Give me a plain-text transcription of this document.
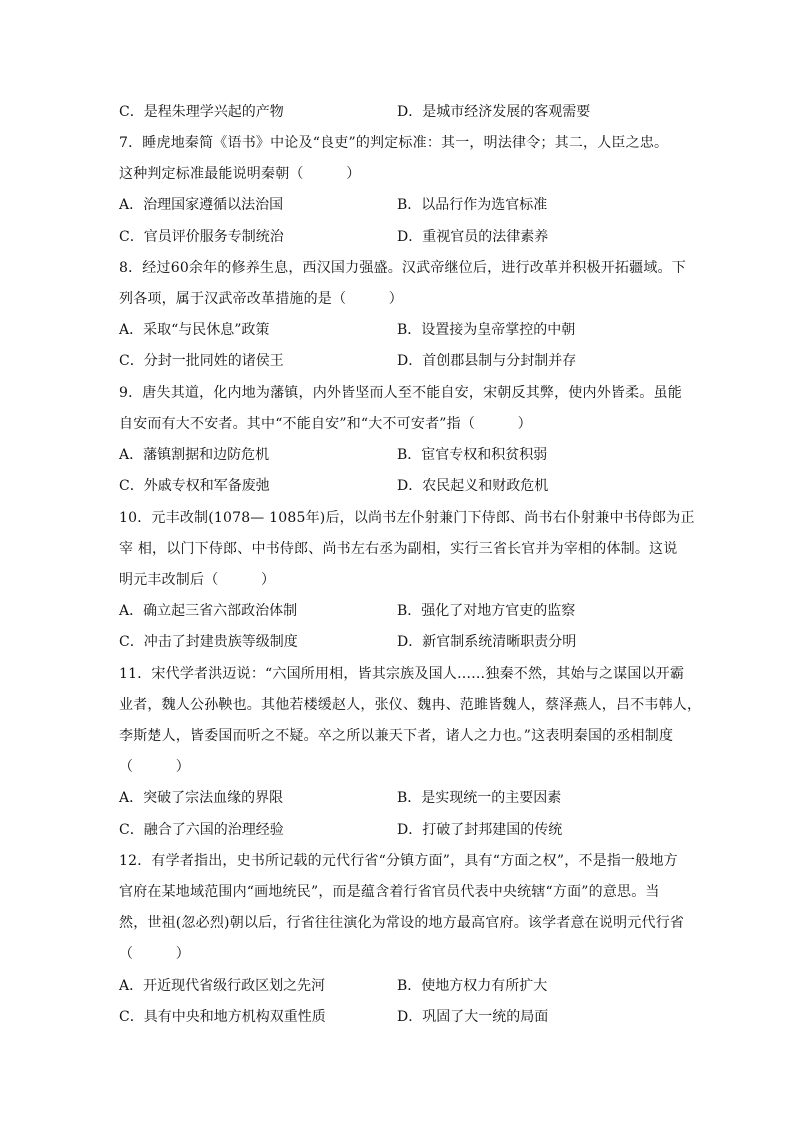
C．是程朱理学兴起的产物	D．是城市经济发展的客观需要
7．睡虎地秦简《语书》中论及“良吏”的判定标准：其一，明法律令；其二，人臣之忠。
这种判定标准最能说明秦朝（　　　）
A．治理国家遵循以法治国	B．以品行作为选官标准
C．官员评价服务专制统治	D．重视官员的法律素养
8．经过60余年的修养生息，西汉国力强盛。汉武帝继位后，进行改革并积极开拓疆域。下
列各项，属于汉武帝改革措施的是（　　　）
A．采取“与民休息”政策	B．设置接为皇帝掌控的中朝
C．分封一批同姓的诸侯王	D．首创郡县制与分封制并存
9．唐失其道，化内地为藩镇，内外皆坚而人至不能自安，宋朝反其弊，使内外皆柔。虽能
自安而有大不安者。其中“不能自安”和“大不可安者”指（　　　）
A．藩镇割据和边防危机	B．宦官专权和积贫积弱
C．外戚专权和军备废弛	D．农民起义和财政危机
10．元丰改制(1078— 1085年)后，以尚书左仆射兼门下侍郎、尚书右仆射兼中书侍郎为正
宰 相，以门下侍郎、中书侍郎、尚书左右丞为副相，实行三省长官并为宰相的体制。这说
明元丰改制后（　　　）
A．确立起三省六部政治体制	B．强化了对地方官吏的监察
C．冲击了封建贵族等级制度	D．新官制系统清晰职责分明
11．宋代学者洪迈说：“六国所用相，皆其宗族及国人……独秦不然，其始与之谋国以开霸
业者，魏人公孙鞅也。其他若楼缓赵人，张仪、魏冉、范雎皆魏人，蔡泽燕人，吕不韦韩人，
李斯楚人，皆委国而听之不疑。卒之所以兼天下者，诸人之力也。”这表明秦国的丞相制度
（　　　）
A．突破了宗法血缘的界限	B．是实现统一的主要因素
C．融合了六国的治理经验	D．打破了封邦建国的传统
12．有学者指出，史书所记载的元代行省“分镇方面”，具有“方面之权”，不是指一般地方
官府在某地域范围内“画地统民”，而是蕴含着行省官员代表中央统辖“方面”的意思。当
然，世祖(忽必烈)朝以后，行省往往演化为常设的地方最高官府。该学者意在说明元代行省
（　　　）
A．开近现代省级行政区划之先河	B．使地方权力有所扩大
C．具有中央和地方机构双重性质	D．巩固了大一统的局面
